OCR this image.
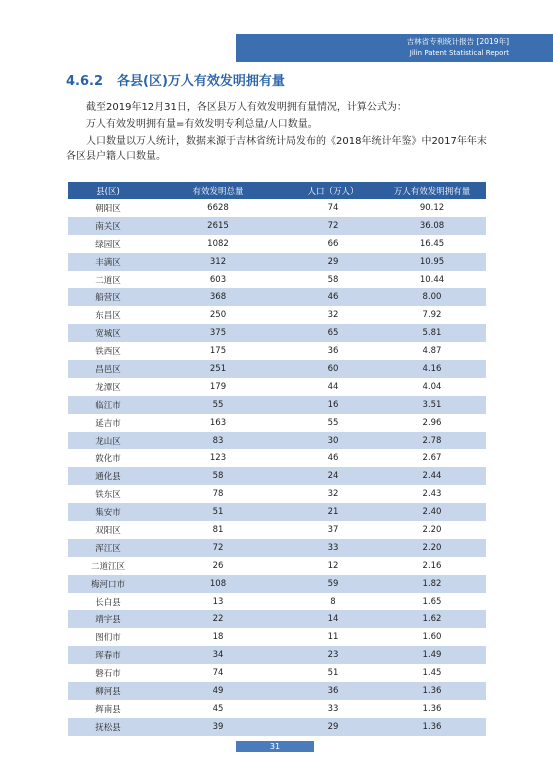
吉林省专利统计报告 [2019年]
Jilin Patent Statistical Report
4.6.2 各县(区)万人有效发明拥有量
截至2019年12月31日，各区县万人有效发明拥有量情况，计算公式为：
万人有效发明拥有量=有效发明专利总量/人口数量。
人口数量以万人统计，数据来源于吉林省统计局发布的《2018年统计年鉴》中2017年年末
各区县户籍人口数量。
县(区)	有效发明总量	人口（万人）	万人有效发明拥有量
朝阳区	6628	74	90.12
南关区	2615	72	36.08
绿园区	1082	66	16.45
丰满区	312	29	10.95
二道区	603	58	10.44
船营区	368	46	8.00
东昌区	250	32	7.92
宽城区	375	65	5.81
铁西区	175	36	4.87
昌邑区	251	60	4.16
龙潭区	179	44	4.04
临江市	55	16	3.51
延吉市	163	55	2.96
龙山区	83	30	2.78
敦化市	123	46	2.67
通化县	58	24	2.44
铁东区	78	32	2.43
集安市	51	21	2.40
双阳区	81	37	2.20
浑江区	72	33	2.20
二道江区	26	12	2.16
梅河口市	108	59	1.82
长白县	13	8	1.65
靖宇县	22	14	1.62
图们市	18	11	1.60
珲春市	34	23	1.49
磐石市	74	51	1.45
柳河县	49	36	1.36
辉南县	45	33	1.36
抚松县	39	29	1.36
31
